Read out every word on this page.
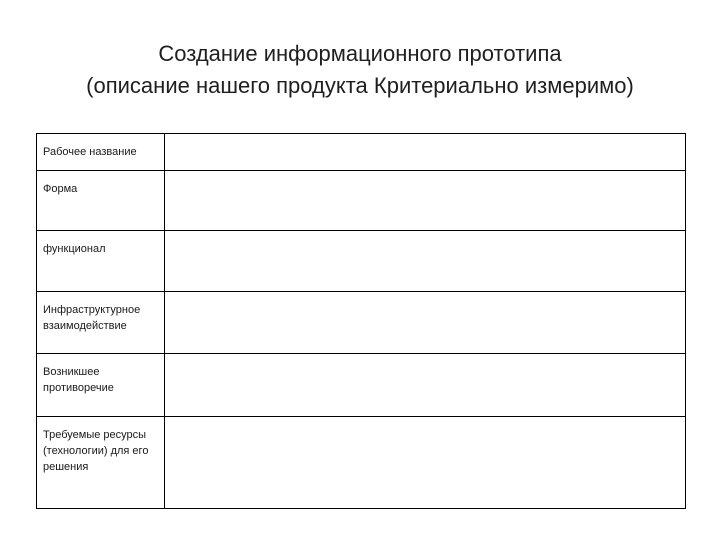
Создание информационного прототипа
(описание нашего продукта Критериально измеримо)
Рабочее название	
Форма	
функционал	
Инфраструктурное взаимодействие	
Возникшее противоречие	
Требуемые ресурсы (технологии) для его решения	
